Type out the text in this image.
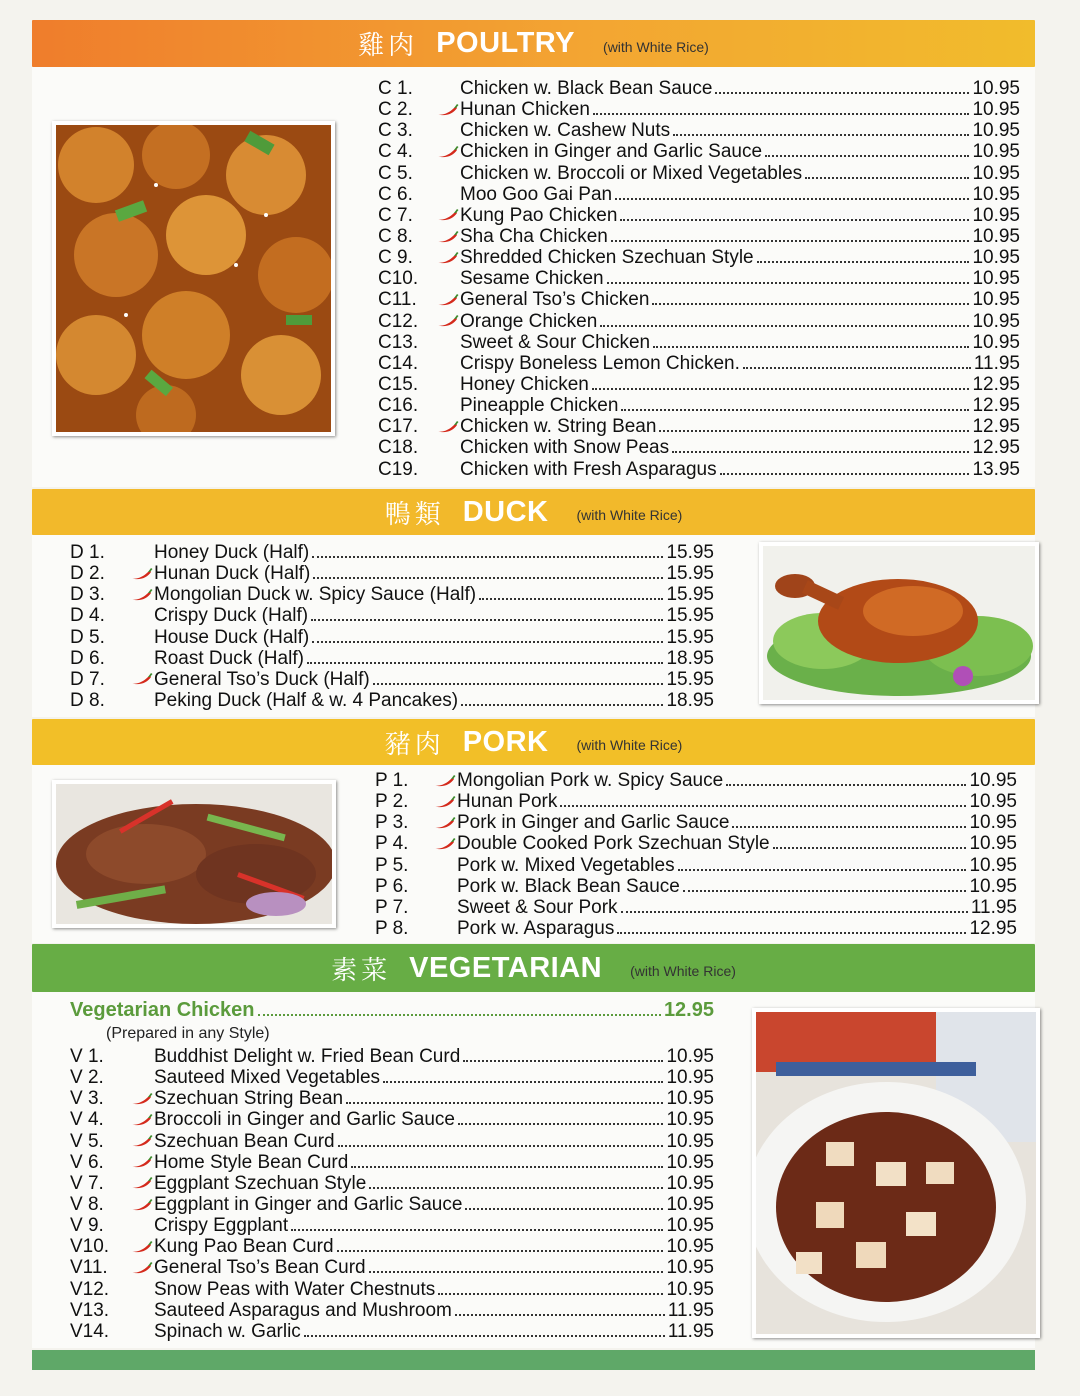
雞肉 POULTRY (with White Rice)
鴨類 DUCK (with White Rice)
豬肉 PORK (with White Rice)
素菜 VEGETARIAN (with White Rice)
C 1.	Chicken w. Black Bean Sauce	10.95
C 2.	Hunan Chicken	10.95
C 3.	Chicken w. Cashew Nuts	10.95
C 4.	Chicken in Ginger and Garlic Sauce	10.95
C 5.	Chicken w. Broccoli or Mixed Vegetables	10.95
C 6.	Moo Goo Gai Pan	10.95
C 7.	Kung Pao Chicken	10.95
C 8.	Sha Cha Chicken	10.95
C 9.	Shredded Chicken Szechuan Style	10.95
C10.	Sesame Chicken	10.95
C11.	General Tso’s Chicken	10.95
C12.	Orange Chicken	10.95
C13.	Sweet & Sour Chicken	10.95
C14.	Crispy Boneless Lemon Chicken.	11.95
C15.	Honey Chicken	12.95
C16.	Pineapple Chicken	12.95
C17.	Chicken w. String Bean	12.95
C18.	Chicken with Snow Peas	12.95
C19.	Chicken with Fresh Asparagus	13.95
D 1.	Honey Duck (Half)	15.95
D 2.	Hunan Duck (Half)	15.95
D 3.	Mongolian Duck w. Spicy Sauce (Half)	15.95
D 4.	Crispy Duck (Half)	15.95
D 5.	House Duck (Half)	15.95
D 6.	Roast Duck (Half)	18.95
D 7.	General Tso’s Duck (Half)	15.95
D 8.	Peking Duck (Half & w. 4 Pancakes)	18.95
P 1.	Mongolian Pork w. Spicy Sauce	10.95
P 2.	Hunan Pork	10.95
P 3.	Pork in Ginger and Garlic Sauce	10.95
P 4.	Double Cooked Pork Szechuan Style	10.95
P 5.	Pork w. Mixed Vegetables	10.95
P 6.	Pork w. Black Bean Sauce	10.95
P 7.	Sweet & Sour Pork	11.95
P 8.	Pork w. Asparagus	12.95
Vegetarian Chicken	12.95
(Prepared in any Style)
V 1.	Buddhist Delight w. Fried Bean Curd	10.95
V 2.	Sauteed Mixed Vegetables	10.95
V 3.	Szechuan String Bean	10.95
V 4.	Broccoli in Ginger and Garlic Sauce	10.95
V 5.	Szechuan Bean Curd	10.95
V 6.	Home Style Bean Curd	10.95
V 7.	Eggplant Szechuan Style	10.95
V 8.	Eggplant in Ginger and Garlic Sauce	10.95
V 9.	Crispy Eggplant	10.95
V10.	Kung Pao Bean Curd	10.95
V11.	General Tso’s Bean Curd	10.95
V12.	Snow Peas with Water Chestnuts	10.95
V13.	Sauteed Asparagus and Mushroom	11.95
V14.	Spinach w. Garlic	11.95
